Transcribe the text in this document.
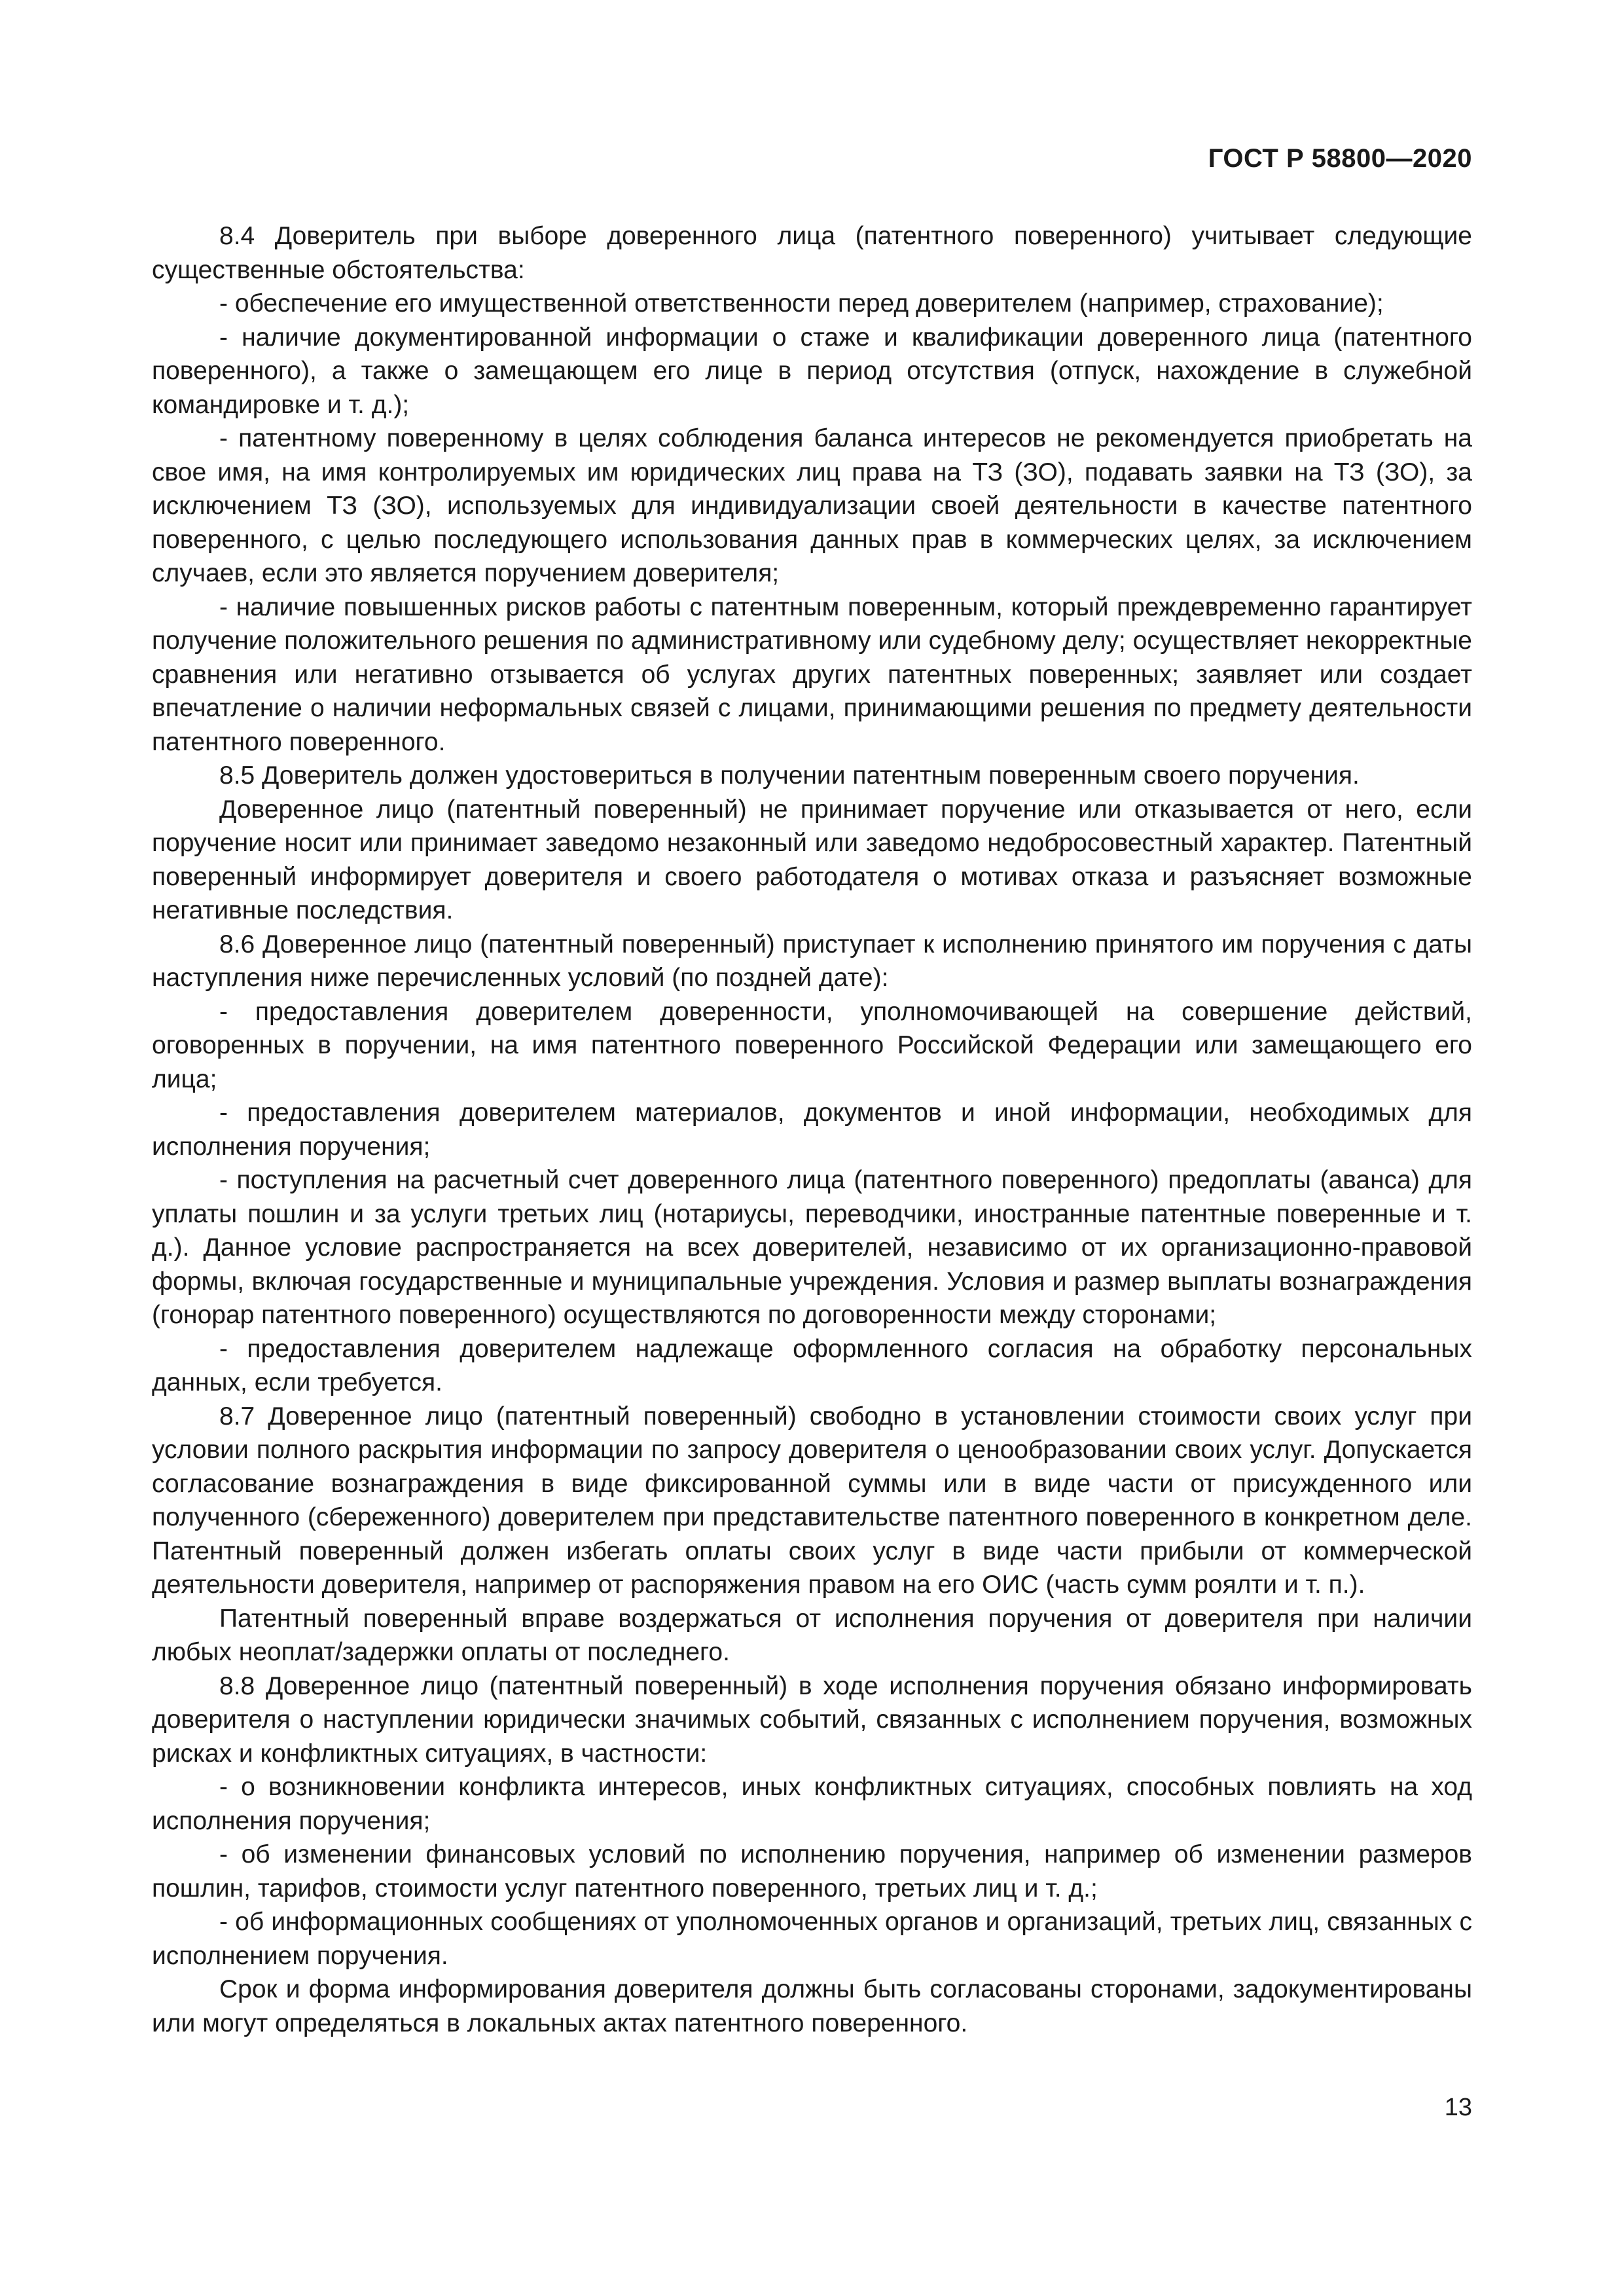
ГОСТ Р 58800—2020

8.4 Доверитель при выборе доверенного лица (патентного поверенного) учитывает следующие существенные обстоятельства:

- обеспечение его имущественной ответственности перед доверителем (например, страхование);

- наличие документированной информации о стаже и квалификации доверенного лица (патентного поверенного), а также о замещающем его лице в период отсутствия (отпуск, нахождение в служебной командировке и т. д.);

- патентному поверенному в целях соблюдения баланса интересов не рекомендуется приобретать на свое имя, на имя контролируемых им юридических лиц права на ТЗ (ЗО), подавать заявки на ТЗ (ЗО), за исключением ТЗ (ЗО), используемых для индивидуализации своей деятельности в качестве патентного поверенного, с целью последующего использования данных прав в коммерческих целях, за исключением случаев, если это является поручением доверителя;

- наличие повышенных рисков работы с патентным поверенным, который преждевременно гарантирует получение положительного решения по административному или судебному делу; осуществляет некорректные сравнения или негативно отзывается об услугах других патентных поверенных; заявляет или создает впечатление о наличии неформальных связей с лицами, принимающими решения по предмету деятельности патентного поверенного.

8.5 Доверитель должен удостовериться в получении патентным поверенным своего поручения.

Доверенное лицо (патентный поверенный) не принимает поручение или отказывается от него, если поручение носит или принимает заведомо незаконный или заведомо недобросовестный характер. Патентный поверенный информирует доверителя и своего работодателя о мотивах отказа и разъясняет возможные негативные последствия.

8.6 Доверенное лицо (патентный поверенный) приступает к исполнению принятого им поручения с даты наступления ниже перечисленных условий (по поздней дате):

- предоставления доверителем доверенности, уполномочивающей на совершение действий, оговоренных в поручении, на имя патентного поверенного Российской Федерации или замещающего его лица;

- предоставления доверителем материалов, документов и иной информации, необходимых для исполнения поручения;

- поступления на расчетный счет доверенного лица (патентного поверенного) предоплаты (аванса) для уплаты пошлин и за услуги третьих лиц (нотариусы, переводчики, иностранные патентные поверенные и т. д.). Данное условие распространяется на всех доверителей, независимо от их организационно-правовой формы, включая государственные и муниципальные учреждения. Условия и размер выплаты вознаграждения (гонорар патентного поверенного) осуществляются по договоренности между сторонами;

- предоставления доверителем надлежаще оформленного согласия на обработку персональных данных, если требуется.

8.7 Доверенное лицо (патентный поверенный) свободно в установлении стоимости своих услуг при условии полного раскрытия информации по запросу доверителя о ценообразовании своих услуг. Допускается согласование вознаграждения в виде фиксированной суммы или в виде части от присужденного или полученного (сбереженного) доверителем при представительстве патентного поверенного в конкретном деле. Патентный поверенный должен избегать оплаты своих услуг в виде части прибыли от коммерческой деятельности доверителя, например от распоряжения правом на его ОИС (часть сумм роялти и т. п.).

Патентный поверенный вправе воздержаться от исполнения поручения от доверителя при наличии любых неоплат/задержки оплаты от последнего.

8.8 Доверенное лицо (патентный поверенный) в ходе исполнения поручения обязано информировать доверителя о наступлении юридически значимых событий, связанных с исполнением поручения, возможных рисках и конфликтных ситуациях, в частности:

- о возникновении конфликта интересов, иных конфликтных ситуациях, способных повлиять на ход исполнения поручения;

- об изменении финансовых условий по исполнению поручения, например об изменении размеров пошлин, тарифов, стоимости услуг патентного поверенного, третьих лиц и т. д.;

- об информационных сообщениях от уполномоченных органов и организаций, третьих лиц, связанных с исполнением поручения.

Срок и форма информирования доверителя должны быть согласованы сторонами, задокументированы или могут определяться в локальных актах патентного поверенного.

13
